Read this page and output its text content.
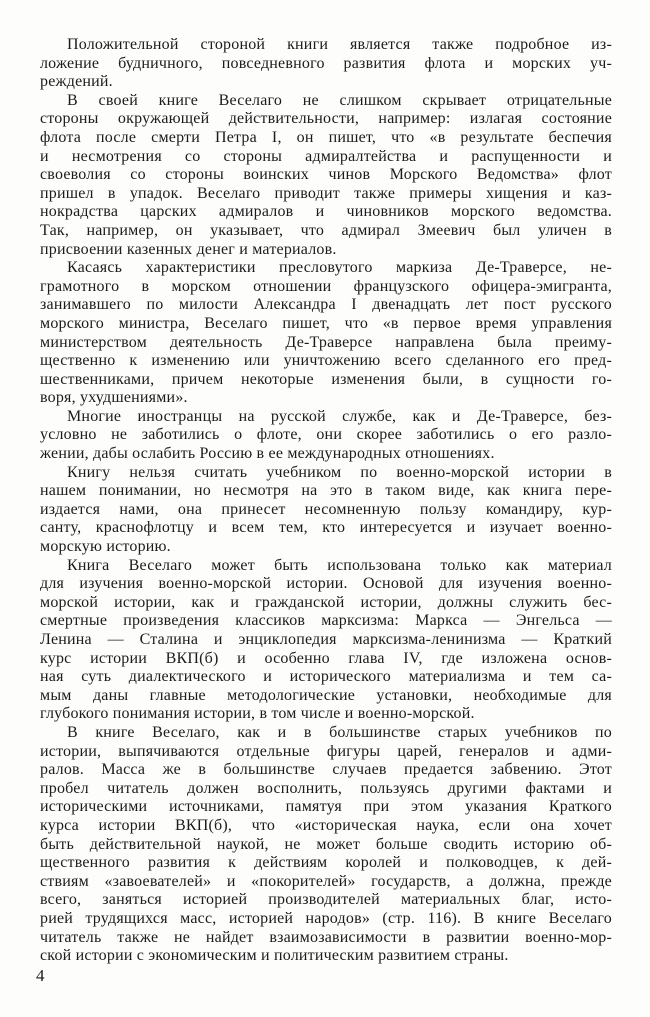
Положительной стороной книги является также подробное из-
ложение будничного, повседневного развития флота и морских уч-
реждений.
В своей книге Веселаго не слишком скрывает отрицательные
стороны окружающей действительности, например: излагая состояние
флота после смерти Петра I, он пишет, что «в результате беспечия
и несмотрения со стороны адмиралтейства и распущенности и
своеволия со стороны воинских чинов Морского Ведомства» флот
пришел в упадок. Веселаго приводит также примеры хищения и каз-
нокрадства царских адмиралов и чиновников морского ведомства.
Так, например, он указывает, что адмирал Змеевич был уличен в
присвоении казенных денег и материалов.
Касаясь характеристики пресловутого маркиза Де-Траверсе, не-
грамотного в морском отношении французского офицера-эмигранта,
занимавшего по милости Александра I двенадцать лет пост русского
морского министра, Веселаго пишет, что «в первое время управления
министерством деятельность Де-Траверсе направлена была преиму-
щественно к изменению или уничтожению всего сделанного его пред-
шественниками, причем некоторые изменения были, в сущности го-
воря, ухудшениями».
Многие иностранцы на русской службе, как и Де-Траверсе, без-
условно не заботились о флоте, они скорее заботились о его разло-
жении, дабы ослабить Россию в ее международных отношениях.
Книгу нельзя считать учебником по военно-морской истории в
нашем понимании, но несмотря на это в таком виде, как книга пере-
издается нами, она принесет несомненную пользу командиру, кур-
санту, краснофлотцу и всем тем, кто интересуется и изучает военно-
морскую историю.
Книга Веселаго может быть использована только как материал
для изучения военно-морской истории. Основой для изучения военно-
морской истории, как и гражданской истории, должны служить бес-
смертные произведения классиков марксизма: Маркса — Энгельса —
Ленина — Сталина и энциклопедия марксизма-ленинизма — Краткий
курс истории ВКП(б) и особенно глава IV, где изложена основ-
ная суть диалектического и исторического материализма и тем са-
мым даны главные методологические установки, необходимые для
глубокого понимания истории, в том числе и военно-морской.
В книге Веселаго, как и в большинстве старых учебников по
истории, выпячиваются отдельные фигуры царей, генералов и адми-
ралов. Масса же в большинстве случаев предается забвению. Этот
пробел читатель должен восполнить, пользуясь другими фактами и
историческими источниками, памятуя при этом указания Краткого
курса истории ВКП(б), что «историческая наука, если она хочет
быть действительной наукой, не может больше сводить историю об-
щественного развития к действиям королей и полководцев, к дей-
ствиям «завоевателей» и «покорителей» государств, а должна, прежде
всего, заняться историей производителей материальных благ, исто-
рией трудящихся масс, историей народов» (стр. 116). В книге Веселаго
читатель также не найдет взаимозависимости в развитии военно-мор-
ской истории с экономическим и политическим развитием страны.
4
